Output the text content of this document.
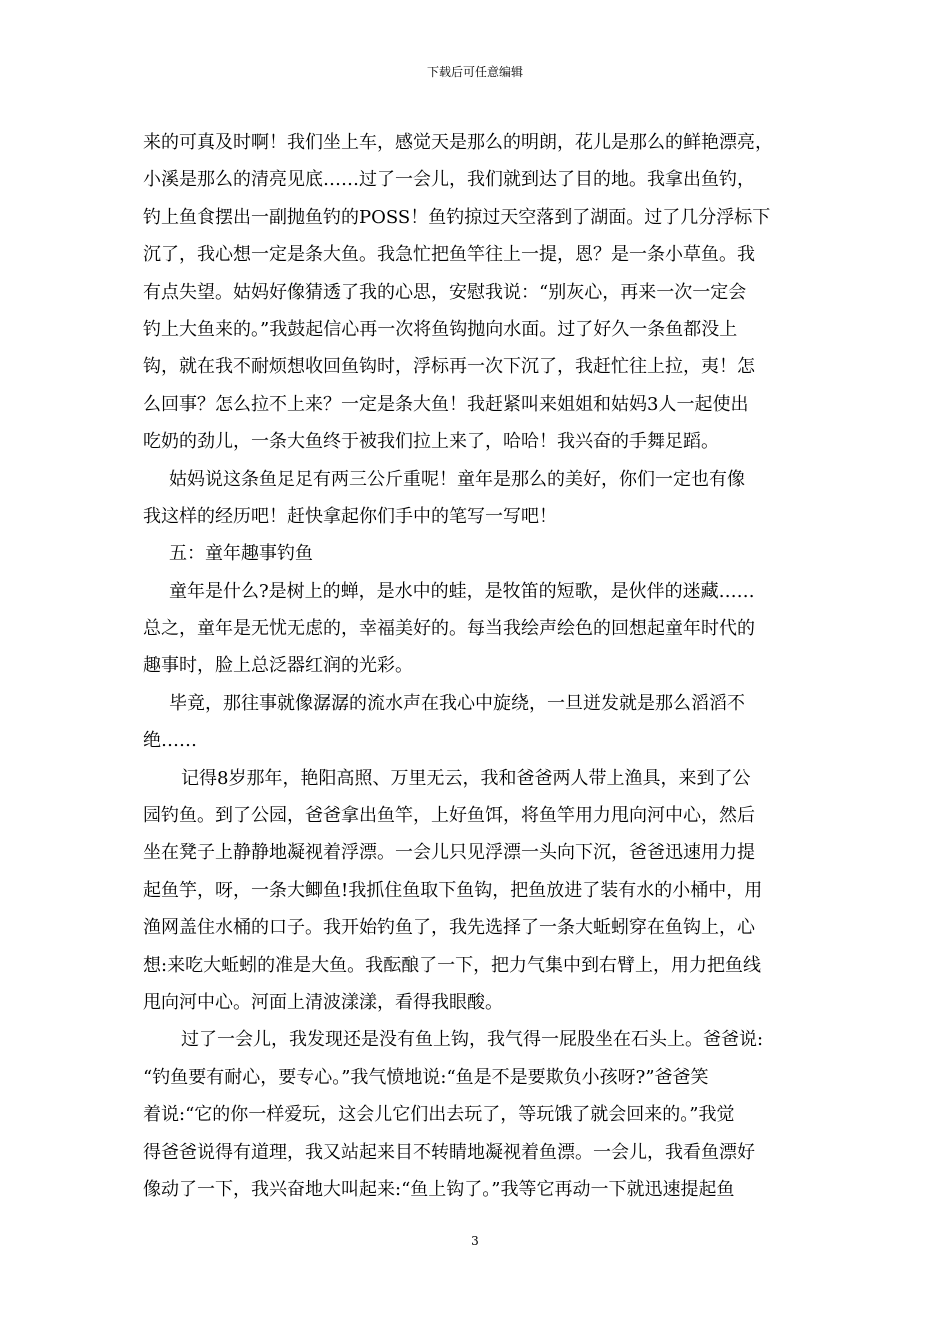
下载后可任意编辑
来的可真及时啊！我们坐上车，感觉天是那么的明朗，花儿是那么的鲜艳漂亮，
小溪是那么的清亮见底……过了一会儿，我们就到达了目的地。我拿出鱼钓，
钓上鱼食摆出一副抛鱼钓的POSS！鱼钓掠过天空落到了湖面。过了几分浮标下
沉了，我心想一定是条大鱼。我急忙把鱼竿往上一提，恩？是一条小草鱼。我
有点失望。姑妈好像猜透了我的心思，安慰我说：“别灰心，再来一次一定会
钓上大鱼来的。”我鼓起信心再一次将鱼钩抛向水面。过了好久一条鱼都没上
钩，就在我不耐烦想收回鱼钩时，浮标再一次下沉了，我赶忙往上拉，夷！怎
么回事？怎么拉不上来？一定是条大鱼！我赶紧叫来姐姐和姑妈3人一起使出
吃奶的劲儿，一条大鱼终于被我们拉上来了，哈哈！我兴奋的手舞足蹈。
姑妈说这条鱼足足有两三公斤重呢！童年是那么的美好，你们一定也有像
我这样的经历吧！赶快拿起你们手中的笔写一写吧！
五：童年趣事钓鱼
童年是什么?是树上的蝉，是水中的蛙，是牧笛的短歌，是伙伴的迷藏……
总之，童年是无忧无虑的，幸福美好的。每当我绘声绘色的回想起童年时代的
趣事时，脸上总泛器红润的光彩。
毕竟，那往事就像潺潺的流水声在我心中旋绕，一旦迸发就是那么滔滔不
绝……
记得8岁那年，艳阳高照、万里无云，我和爸爸两人带上渔具，来到了公
园钓鱼。到了公园，爸爸拿出鱼竿，上好鱼饵，将鱼竿用力甩向河中心，然后
坐在凳子上静静地凝视着浮漂。一会儿只见浮漂一头向下沉，爸爸迅速用力提
起鱼竽，呀，一条大鲫鱼!我抓住鱼取下鱼钩，把鱼放进了装有水的小桶中，用
渔网盖住水桶的口子。我开始钓鱼了，我先选择了一条大蚯蚓穿在鱼钩上，心
想:来吃大蚯蚓的准是大鱼。我酝酿了一下，把力气集中到右臂上，用力把鱼线
甩向河中心。河面上清波漾漾，看得我眼酸。
过了一会儿，我发现还是没有鱼上钩，我气得一屁股坐在石头上。爸爸说:
“钓鱼要有耐心，要专心。”我气愤地说:“鱼是不是要欺负小孩呀?”爸爸笑
着说:“它的你一样爱玩，这会儿它们出去玩了，等玩饿了就会回来的。”我觉
得爸爸说得有道理，我又站起来目不转睛地凝视着鱼漂。一会儿，我看鱼漂好
像动了一下，我兴奋地大叫起来:“鱼上钩了。”我等它再动一下就迅速提起鱼
3
